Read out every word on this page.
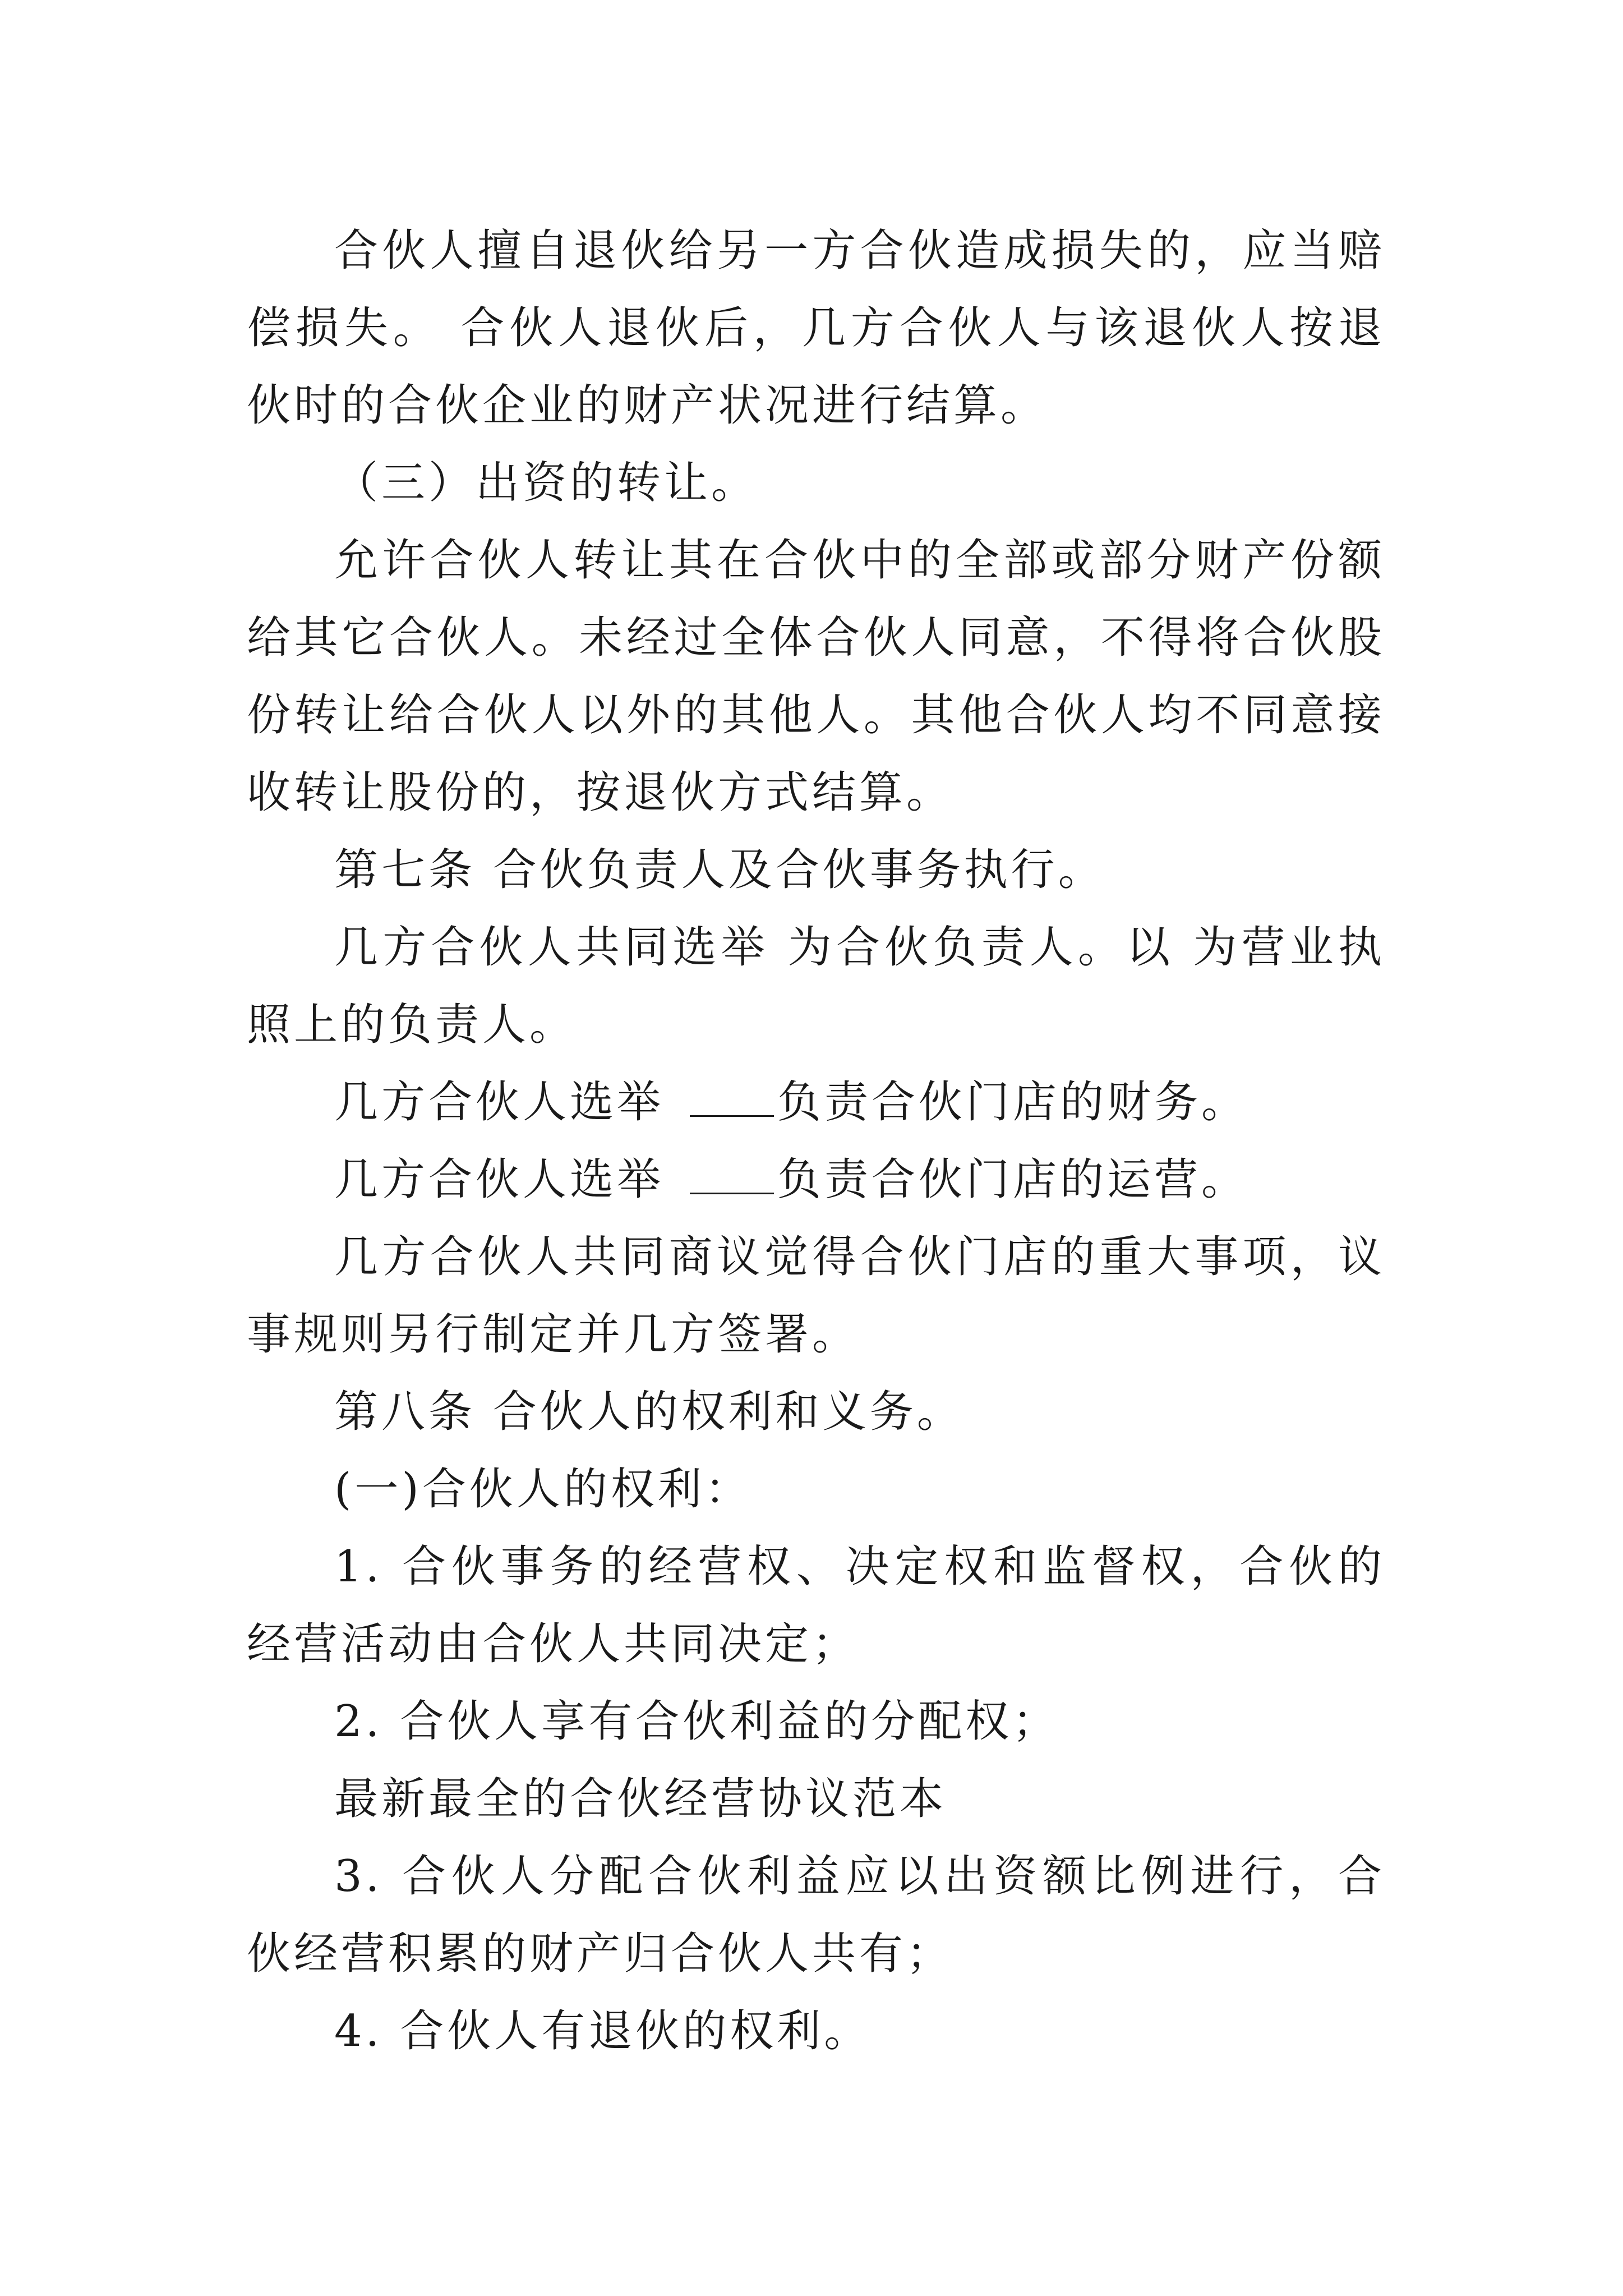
合伙人擅自退伙给另一方合伙造成损失的，应当赔偿损失。 合伙人退伙后，几方合伙人与该退伙人按退伙时的合伙企业的财产状况进行结算。

（三）出资的转让。

允许合伙人转让其在合伙中的全部或部分财产份额给其它合伙人。未经过全体合伙人同意，不得将合伙股份转让给合伙人以外的其他人。其他合伙人均不同意接收转让股份的，按退伙方式结算。

第七条 合伙负责人及合伙事务执行。

几方合伙人共同选举 为合伙负责人。以 为营业执照上的负责人。

几方合伙人选举	负责合伙门店的财务。

几方合伙人选举	负责合伙门店的运营。

几方合伙人共同商议觉得合伙门店的重大事项，议事规则另行制定并几方签署。

第八条 合伙人的权利和义务。

(一)合伙人的权利：

1. 合伙事务的经营权、决定权和监督权，合伙的经营活动由合伙人共同决定；

2. 合伙人享有合伙利益的分配权；

最新最全的合伙经营协议范本

3. 合伙人分配合伙利益应以出资额比例进行，合伙经营积累的财产归合伙人共有；

4. 合伙人有退伙的权利。
